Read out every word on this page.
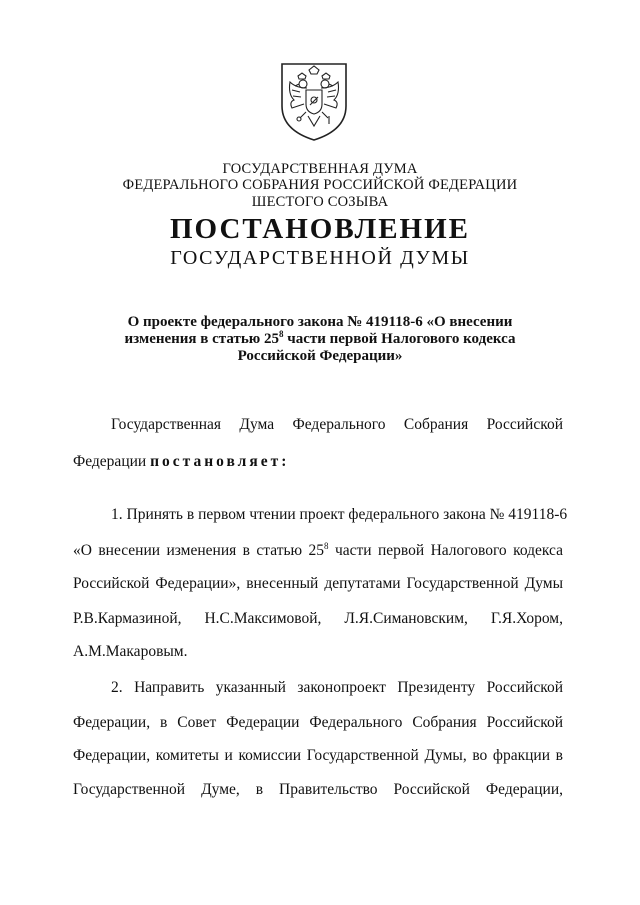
ГОСУДАРСТВЕННАЯ ДУМА
ФЕДЕРАЛЬНОГО СОБРАНИЯ РОССИЙСКОЙ ФЕДЕРАЦИИ
ШЕСТОГО СОЗЫВА
ПОСТАНОВЛЕНИЕ
ГОСУДАРСТВЕННОЙ ДУМЫ
О проекте федерального закона № 419118-6 «О внесении
изменения в статью $25^8$ части первой Налогового кодекса
Российской Федерации»
Государственная Дума Федерального Собрания Российской
Федерации постановляет:
1. Принять в первом чтении проект федерального закона № 419118-6
«О внесении изменения в статью $25^8$ части первой Налогового кодекса
Российской Федерации», внесенный депутатами Государственной Думы
Р.В.Кармазиной, Н.С.Максимовой, Л.Я.Симановским, Г.Я.Хором,
А.М.Макаровым.
2. Направить указанный законопроект Президенту Российской
Федерации, в Совет Федерации Федерального Собрания Российской
Федерации, комитеты и комиссии Государственной Думы, во фракции в
Государственной Думе, в Правительство Российской Федерации,
